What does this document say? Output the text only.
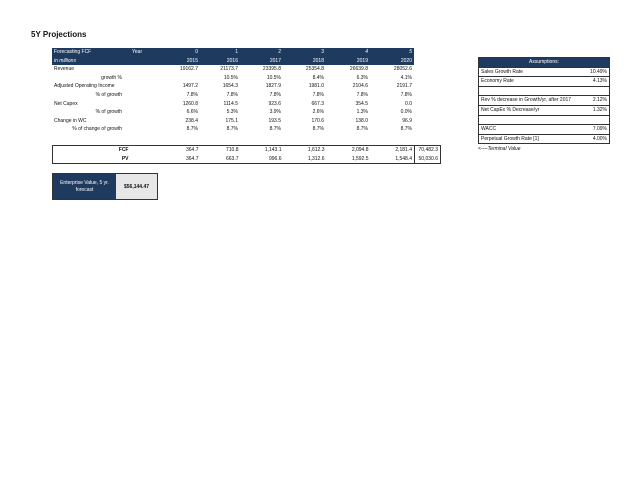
5Y Projections
Forecasting FCF	Year	0	1	2	3	4	5	
in millions	2015		2016	2017	2018	2019	2020	
Revenue	19162.7		21173.7	23395.8	25354.8	26639.8	28052.6	
growth %			10.5%	10.5%	8.4%	6.3%	4.1%	
Adjusted Operating Income	1497.2		1654.3	1827.9	1981.0	2104.6	2191.7	
% of growth	7.8%		7.8%	7.8%	7.8%	7.8%	7.8%	
Net Capex	1260.8		1114.5	923.6	667.3	354.5	0.0	
% of growth	6.6%		5.3%	3.9%	2.6%	1.3%	0.0%	
Change in WC	238.4		175.1	193.5	170.6	138.0	96.9	
% of change of growth	8.7%		8.7%	8.7%	8.7%	8.7%	8.7%	
FCF		364.7	710.8	1,143.1	1,612.3	2,094.8	2,181.4	70,482.3
PV		364.7	663.7	996.6	1,312.6	1,592.5	1,548.4	50,030.6
<----Terminal Value
Assumptions:	
Sales Growth Rate	10.49%
Economy Rate	4.13%

Rev % decrease in Growth/yr, after 2017	2.12%
Net CapEx % Decrease/yr	1.32%

WACC	7.09%
Perpetual Growth Rate [1]	4.00%
Enterprise Value, 5 yr. forecast	$56,144.47
